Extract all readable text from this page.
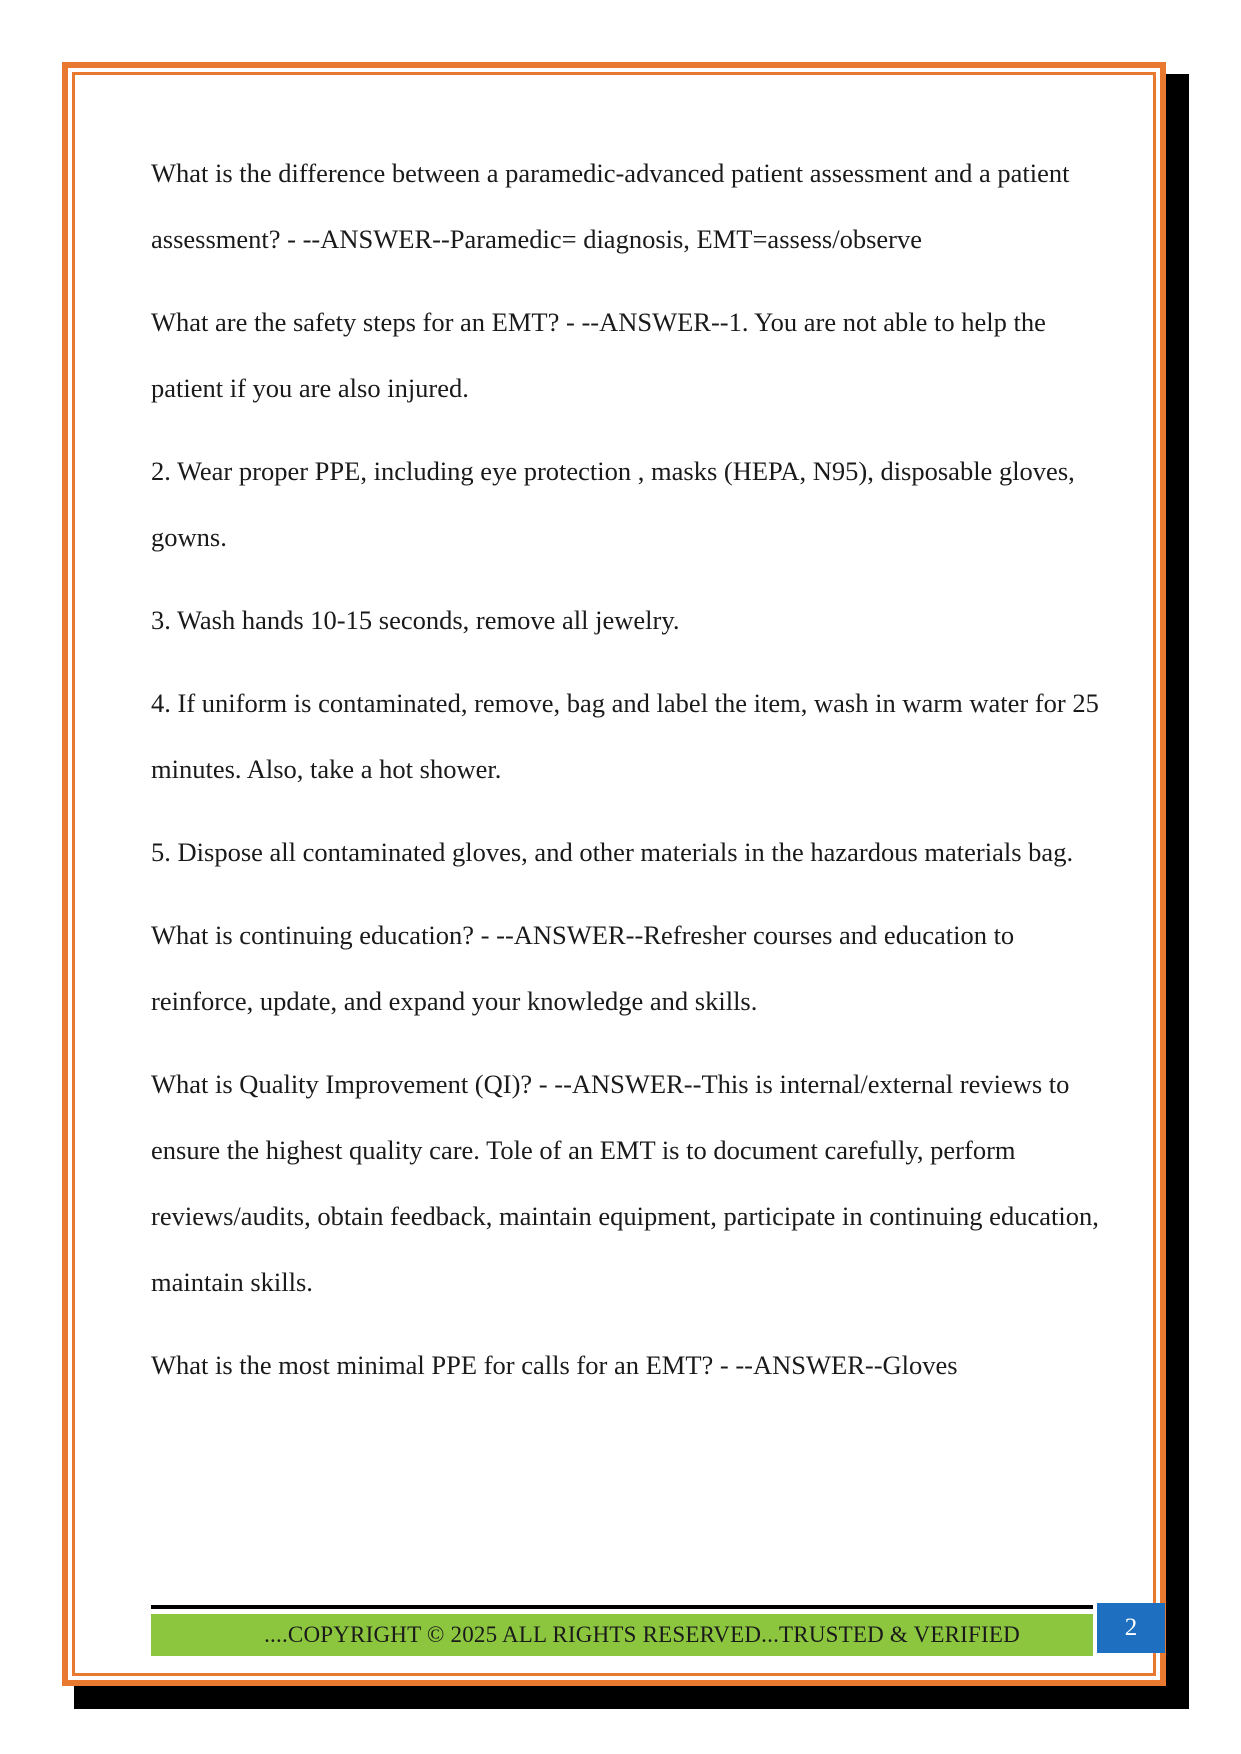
What is the difference between a paramedic-advanced patient assessment and a patient assessment? - --ANSWER--Paramedic= diagnosis, EMT=assess/observe

What are the safety steps for an EMT? - --ANSWER--1. You are not able to help the patient if you are also injured.

2. Wear proper PPE, including eye protection , masks (HEPA, N95), disposable gloves, gowns.

3. Wash hands 10-15 seconds, remove all jewelry.

4. If uniform is contaminated, remove, bag and label the item, wash in warm water for 25 minutes. Also, take a hot shower.

5. Dispose all contaminated gloves, and other materials in the hazardous materials bag.

What is continuing education? - --ANSWER--Refresher courses and education to reinforce, update, and expand your knowledge and skills.

What is Quality Improvement (QI)? - --ANSWER--This is internal/external reviews to ensure the highest quality care. Tole of an EMT is to document carefully, perform reviews/audits, obtain feedback, maintain equipment, participate in continuing education, maintain skills.

What is the most minimal PPE for calls for an EMT? - --ANSWER--Gloves

....COPYRIGHT © 2025 ALL RIGHTS RESERVED...TRUSTED & VERIFIED	2
